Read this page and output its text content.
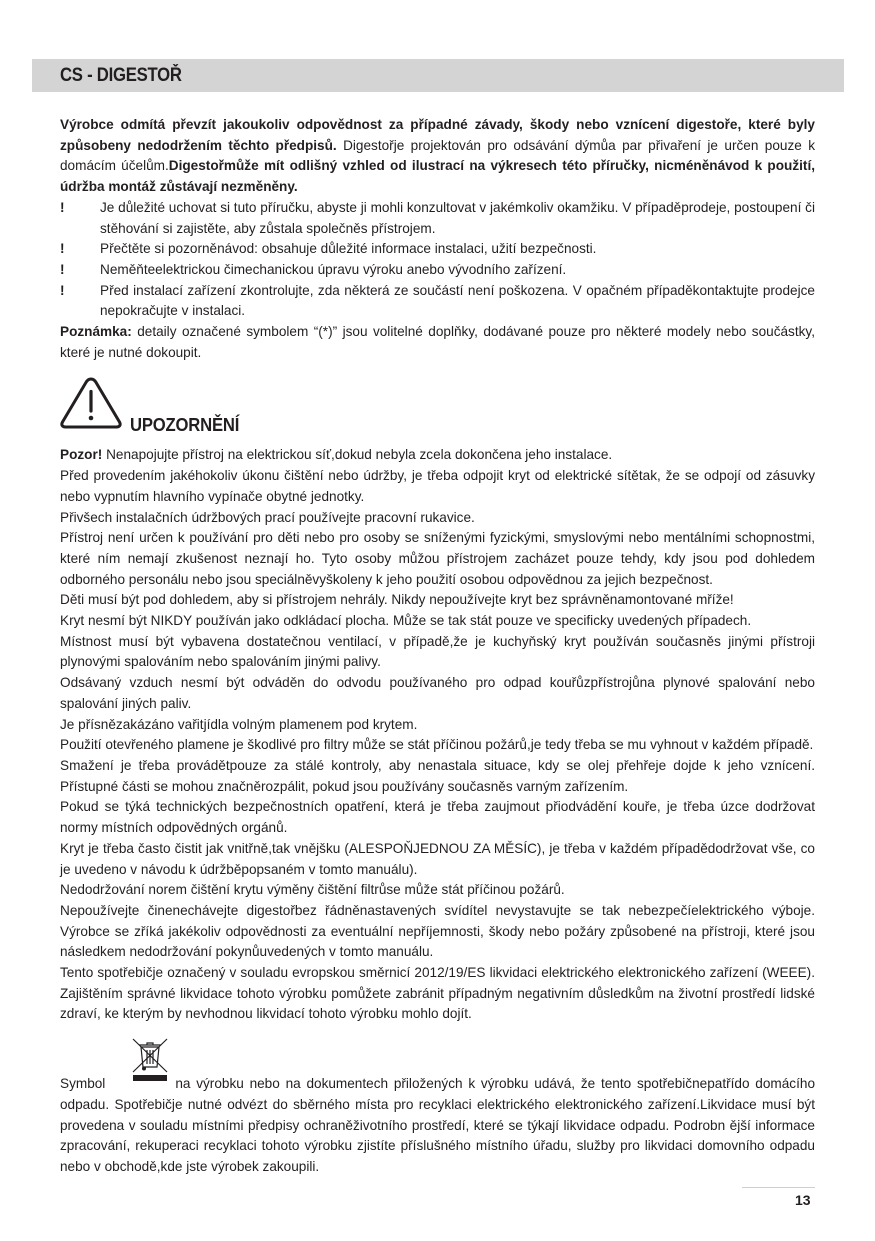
CS - DIGESTOŘ

Výrobce odmítá převzít jakoukoliv odpovědnost za případné závady, škody nebo vznícení digestoře, které byly způsobeny nedodržením těchto předpisů. Digestořje projektován pro odsávání dýmůa par přivaření je určen pouze k domácím účelům.Digestořmůže mít odlišný vzhled od ilustrací na výkresech této příručky, nicméněnávod k použití, údržba montáž zůstávají nezměněny.

!	Je důležité uchovat si tuto příručku, abyste ji mohli konzultovat v jakémkoliv okamžiku. V případěprodeje, postoupení či stěhování si zajistěte, aby zůstala společněs přístrojem.
!	Přečtěte si pozorněnávod: obsahuje důležité informace instalaci, užití bezpečnosti.
!	Neměňteelektrickou čimechanickou úpravu výroku anebo vývodního zařízení.
!	Před instalací zařízení zkontrolujte, zda některá ze součástí není poškozena. V opačném případěkontaktujte prodejce nepokračujte v instalaci.

Poznámka: detaily označené symbolem “(*)” jsou volitelné doplňky, dodávané pouze pro některé modely nebo součástky, které je nutné dokoupit.

UPOZORNĚNÍ

Pozor! Nenapojujte přístroj na elektrickou síť,dokud nebyla zcela dokončena jeho instalace.

Před provedením jakéhokoliv úkonu čištění nebo údržby, je třeba odpojit kryt od elektrické sítětak, že se odpojí od zásuvky nebo vypnutím hlavního vypínače obytné jednotky.

Přivšech instalačních údržbových prací používejte pracovní rukavice.

Přístroj není určen k používání pro děti nebo pro osoby se sníženými fyzickými, smyslovými nebo mentálními schopnostmi, které ním nemají zkušenost neznají ho. Tyto osoby můžou přístrojem zacházet pouze tehdy, kdy jsou pod dohledem odborného personálu nebo jsou speciálněvyškoleny k jeho použití osobou odpovědnou za jejich bezpečnost.

Děti musí být pod dohledem, aby si přístrojem nehrály. Nikdy nepoužívejte kryt bez správněnamontované mříže!

Kryt nesmí být NIKDY používán jako odkládací plocha. Může se tak stát pouze ve specificky uvedených případech.

Místnost musí být vybavena dostatečnou ventilací, v případě,že je kuchyňský kryt používán současněs jinými přístroji plynovými spalováním nebo spalováním jinými palivy.

Odsávaný vzduch nesmí být odváděn do odvodu používaného pro odpad kouřůzpřístrojůna plynové spalování nebo spalování jiných paliv.

Je přísnězakázáno vařitjídla volným plamenem pod krytem.

Použití otevřeného plamene je škodlivé pro filtry může se stát příčinou požárů,je tedy třeba se mu vyhnout v každém případě.

Smažení je třeba provádětpouze za stálé kontroly, aby nenastala situace, kdy se olej přehřeje dojde k jeho vznícení. Přístupné části se mohou značněrozpálit, pokud jsou používány současněs varným zařízením.

Pokud se týká technických bezpečnostních opatření, která je třeba zaujmout přiodvádění kouře, je třeba úzce dodržovat normy místních odpovědných orgánů.

Kryt je třeba často čistit jak vnitřně,tak vnějšku (ALESPOŇJEDNOU ZA MĚSÍC), je třeba v každém případědodržovat vše, co je uvedeno v návodu k údržběpopsaném v tomto manuálu).

Nedodržování norem čištění krytu výměny čištění filtrůse může stát příčinou požárů.

Nepoužívejte činenechávejte digestořbez řádněnastavených svídítel nevystavujte se tak nebezpečíelektrického výboje. Výrobce se zříká jakékoliv odpovědnosti za eventuální nepříjemnosti, škody nebo požáry způsobené na přístroji, které jsou následkem nedodržování pokynůuvedených v tomto manuálu.

Tento spotřebičje označený v souladu evropskou směrnicí 2012/19/ES likvidaci elektrického elektronického zařízení (WEEE). Zajištěním správné likvidace tohoto výrobku pomůžete zabránit případným negativním důsledkům na životní prostředí lidské zdraví, ke kterým by nevhodnou likvidací tohoto výrobku mohlo dojít.

Symbol	na výrobku nebo na dokumentech přiložených k výrobku udává, že tento spotřebičnepatřído domácího odpadu. Spotřebičje nutné odvézt do sběrného místa pro recyklaci elektrického elektronického zařízení.Likvidace musí být provedena v souladu místními předpisy ochraněživotního prostředí, které se týkají likvidace odpadu. Podrobn ější informace zpracování, rekuperaci recyklaci tohoto výrobku zjistíte příslušného místního úřadu, služby pro likvidaci domovního odpadu nebo v obchodě,kde jste výrobek zakoupili.

13
